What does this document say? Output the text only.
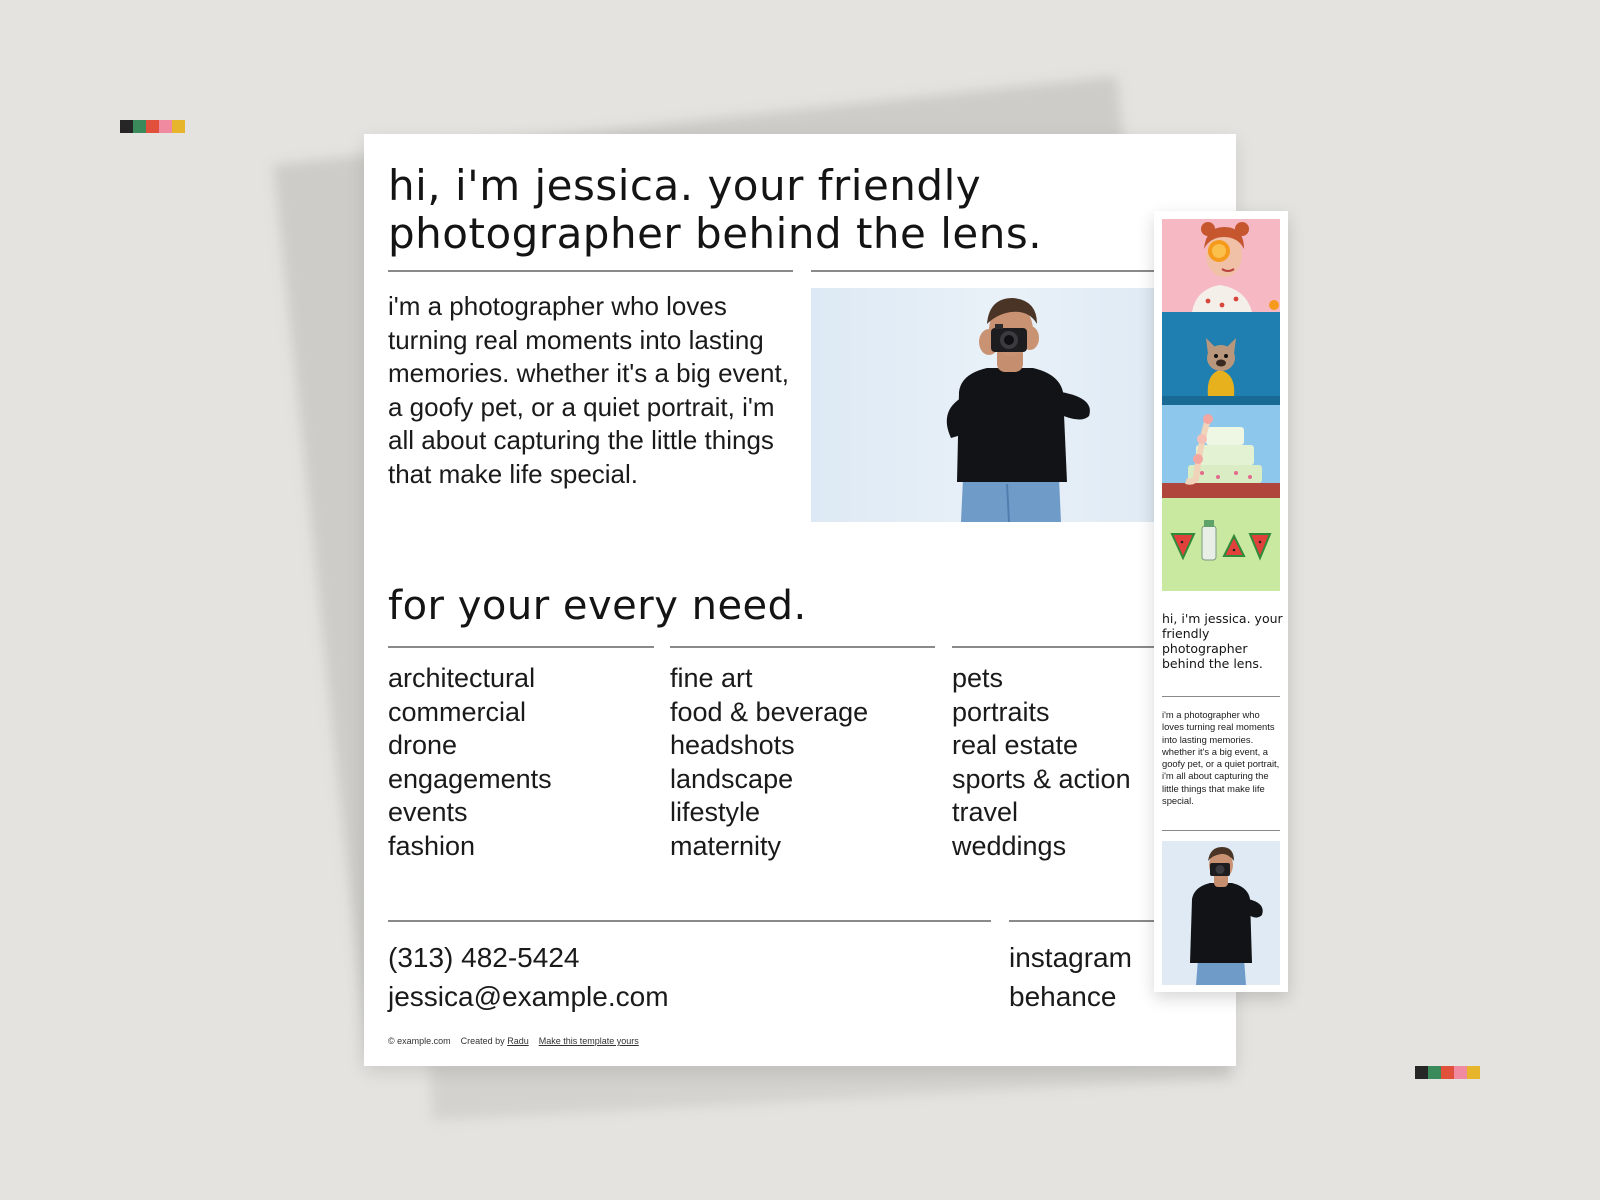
hi, i'm jessica. your friendly
photographer behind the lens.
i'm a photographer who loves turning real moments into lasting memories. whether it's a big event, a goofy pet, or a quiet portrait, i'm all about capturing the little things that make life special.
for your every need.
architectural
commercial
drone
engagements
events
fashion
fine art
food & beverage
headshots
landscape
lifestyle
maternity
pets
portraits
real estate
sports & action
travel
weddings
(313) 482-5424
jessica@example.com
instagram
behance
© example.com Created by Radu Make this template yours
hi, i'm jessica. your friendly photographer behind the lens.
i'm a photographer who loves turning real moments into lasting memories. whether it's a big event, a goofy pet, or a quiet portrait, i'm all about capturing the little things that make life special.
